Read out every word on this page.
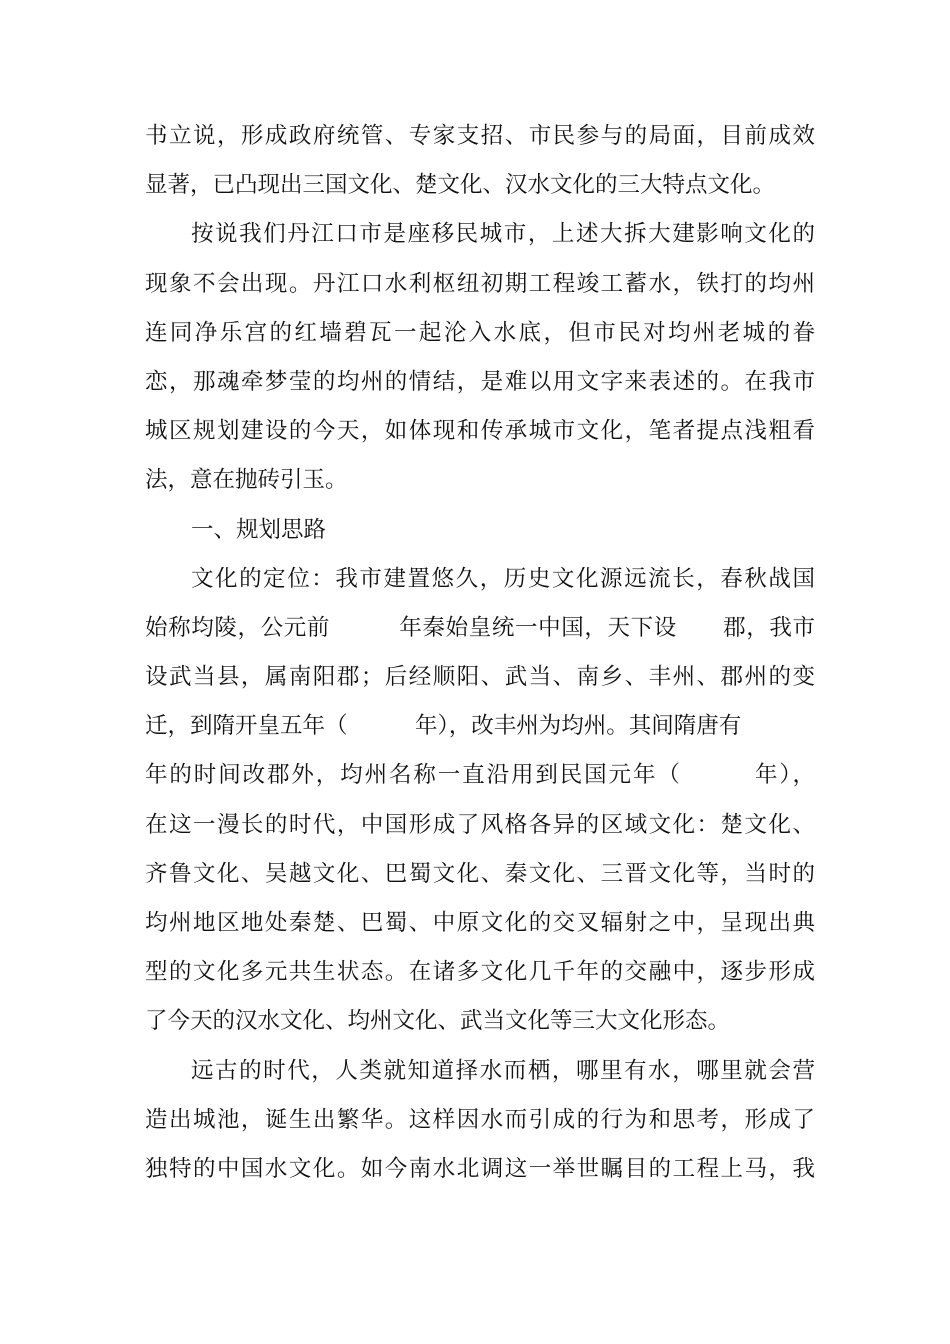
书立说，形成政府统管、专家支招、市民参与的局面，目前成效
显著，已凸现出三国文化、楚文化、汉水文化的三大特点文化。
按说我们丹江口市是座移民城市，上述大拆大建影响文化的
现象不会出现。丹江口水利枢纽初期工程竣工蓄水，铁打的均州
连同净乐宫的红墙碧瓦一起沦入水底，但市民对均州老城的眷
恋，那魂牵梦莹的均州的情结，是难以用文字来表述的。在我市
城区规划建设的今天，如体现和传承城市文化，笔者提点浅粗看
法，意在抛砖引玉。
一、规划思路
文化的定位：我市建置悠久，历史文化源远流长，春秋战国
始称均陵，公元前　　　年秦始皇统一中国，天下设　　郡，我市
设武当县，属南阳郡；后经顺阳、武当、南乡、丰州、郡州的变
迁，到隋开皇五年（　　　年），改丰州为均州。其间隋唐有
年的时间改郡外，均州名称一直沿用到民国元年（　　　年），
在这一漫长的时代，中国形成了风格各异的区域文化：楚文化、
齐鲁文化、吴越文化、巴蜀文化、秦文化、三晋文化等，当时的
均州地区地处秦楚、巴蜀、中原文化的交叉辐射之中，呈现出典
型的文化多元共生状态。在诸多文化几千年的交融中，逐步形成
了今天的汉水文化、均州文化、武当文化等三大文化形态。
远古的时代，人类就知道择水而栖，哪里有水，哪里就会营
造出城池，诞生出繁华。这样因水而引成的行为和思考，形成了
独特的中国水文化。如今南水北调这一举世瞩目的工程上马，我
